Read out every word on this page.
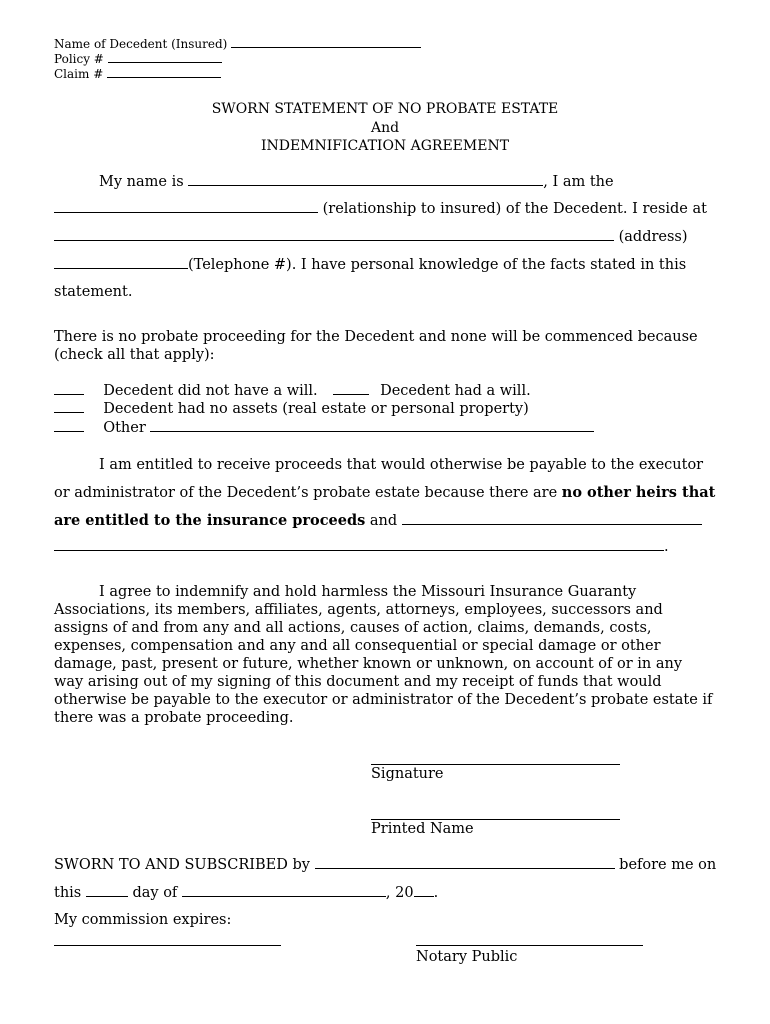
Name of Decedent (Insured)
Policy #
Claim #
SWORN STATEMENT OF NO PROBATE ESTATE
And
INDEMNIFICATION AGREEMENT
My name is	, I am the
(relationship to insured) of the Decedent. I reside at
(address)
(Telephone #). I have personal knowledge of the facts stated in this
statement.
There is no probate proceeding for the Decedent and none will be commenced because
(check all that apply):
Decedent did not have a will.	Decedent had a will.
Decedent had no assets (real estate or personal property)
Other
I am entitled to receive proceeds that would otherwise be payable to the executor
or administrator of the Decedent’s probate estate because there are no other heirs that
are entitled to the insurance proceeds and
.
I agree to indemnify and hold harmless the Missouri Insurance Guaranty
Associations, its members, affiliates, agents, attorneys, employees, successors and
assigns of and from any and all actions, causes of action, claims, demands, costs,
expenses, compensation and any and all consequential or special damage or other
damage, past, present or future, whether known or unknown, on account of or in any
way arising out of my signing of this document and my receipt of funds that would
otherwise be payable to the executor or administrator of the Decedent’s probate estate if
there was a probate proceeding.
Signature
Printed Name
SWORN TO AND SUBSCRIBED by	before me on
this	day of	, 20 .
My commission expires:
Notary Public
